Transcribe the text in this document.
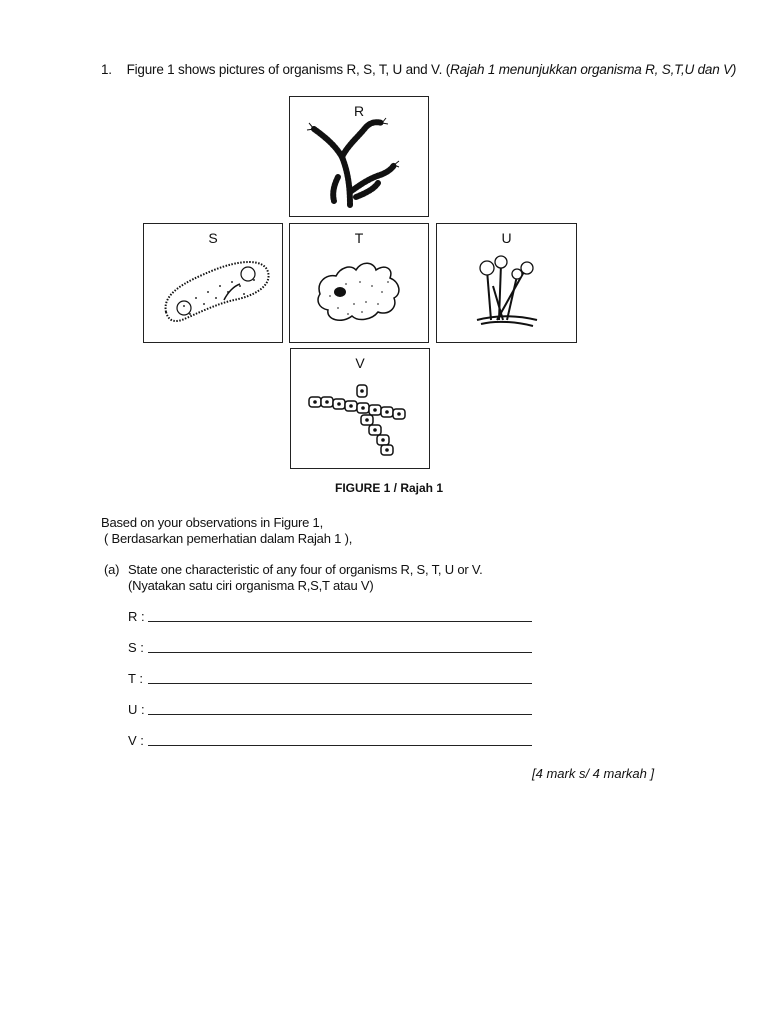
1. Figure 1 shows pictures of organisms R, S, T, U and V. (Rajah 1 menunjukkan organisma R, S,T,U dan V)
R
S	T	U
V
FIGURE 1 / Rajah 1
Based on your observations in Figure 1,
( Berdasarkan pemerhatian dalam Rajah 1 ),
(a) State one characteristic of any four of organisms R, S, T, U or V.
(Nyatakan satu ciri organisma R,S,T atau V)
R :
S :
T :
U :
V :
[4 mark s/ 4 markah ]
